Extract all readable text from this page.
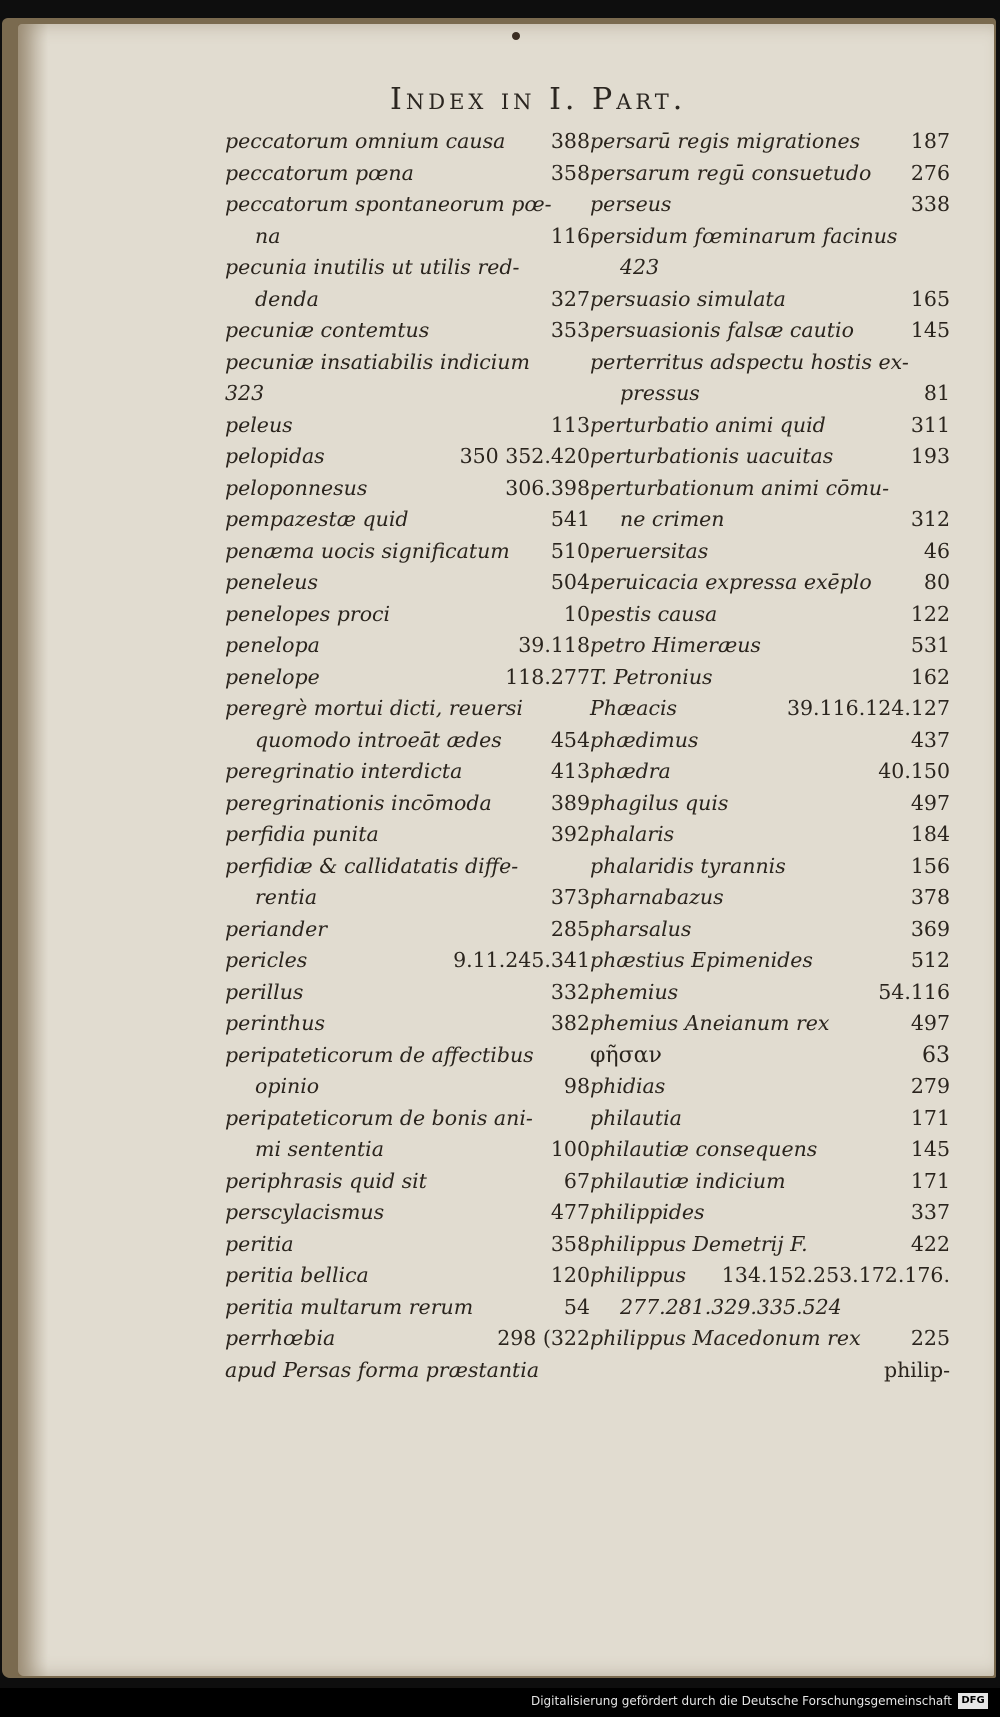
Index in I. Part.
peccatorum omnium causa 388
peccatorum pœna	358
peccatorum spontaneorum pœ-
na	116
pecunia inutilis ut utilis red-
denda	327
pecuniæ contemtus	353
pecuniæ insatiabilis indicium
323
peleus	113
pelopidas	350 352.420
peloponnesus	306.398
pempazestæ quid	541
penæma uocis significatum 510
peneleus	504
penelopes proci	10
penelopa	39.118
penelope	118.277
peregrè mortui dicti, reuersi
quomodo introeāt ædes 454
peregrinatio interdicta	413
peregrinationis incōmoda	389
perfidia punita	392
perfidiæ & callidatatis diffe-
rentia	373
periander	285
pericles	9.11.245.341
perillus	332
perinthus	382
peripateticorum de affectibus
opinio	98
peripateticorum de bonis ani-
mi sententia	100
periphrasis quid sit	67
perscylacismus	477
peritia	358
peritia bellica	120
peritia multarum rerum	54
perrhœbia	298 (322
apud Persas forma præstantia
persarū regis migrationes 187
persarum regū consuetudo 276
perseus	338
persidum fœminarum facinus
423
persuasio simulata	165
persuasionis falsæ cautio	145
perterritus adspectu hostis ex-
pressus	81
perturbatio animi quid	311
perturbationis uacuitas	193
perturbationum animi cōmu-
ne crimen	312
peruersitas	46
peruicacia expressa exēplo	80
pestis causa	122
petro Himeræus	531
T. Petronius	162
Phæacis	39.116.124.127
phædimus	437
phædra	40.150
phagilus quis	497
phalaris	184
phalaridis tyrannis	156
pharnabazus	378
pharsalus	369
phæstius Epimenides	512
phemius	54.116
phemius Aneianum rex	497
φῆσαν	63
phidias	279
philautia	171
philautiæ consequens	145
philautiæ indicium	171
philippides	337
philippus Demetrij F.	422
philippus 134.152.253.172.176.
277.281.329.335.524
philippus Macedonum rex 225
philip-
Digitalisierung gefördert durch die Deutsche Forschungsgemeinschaft DFG
